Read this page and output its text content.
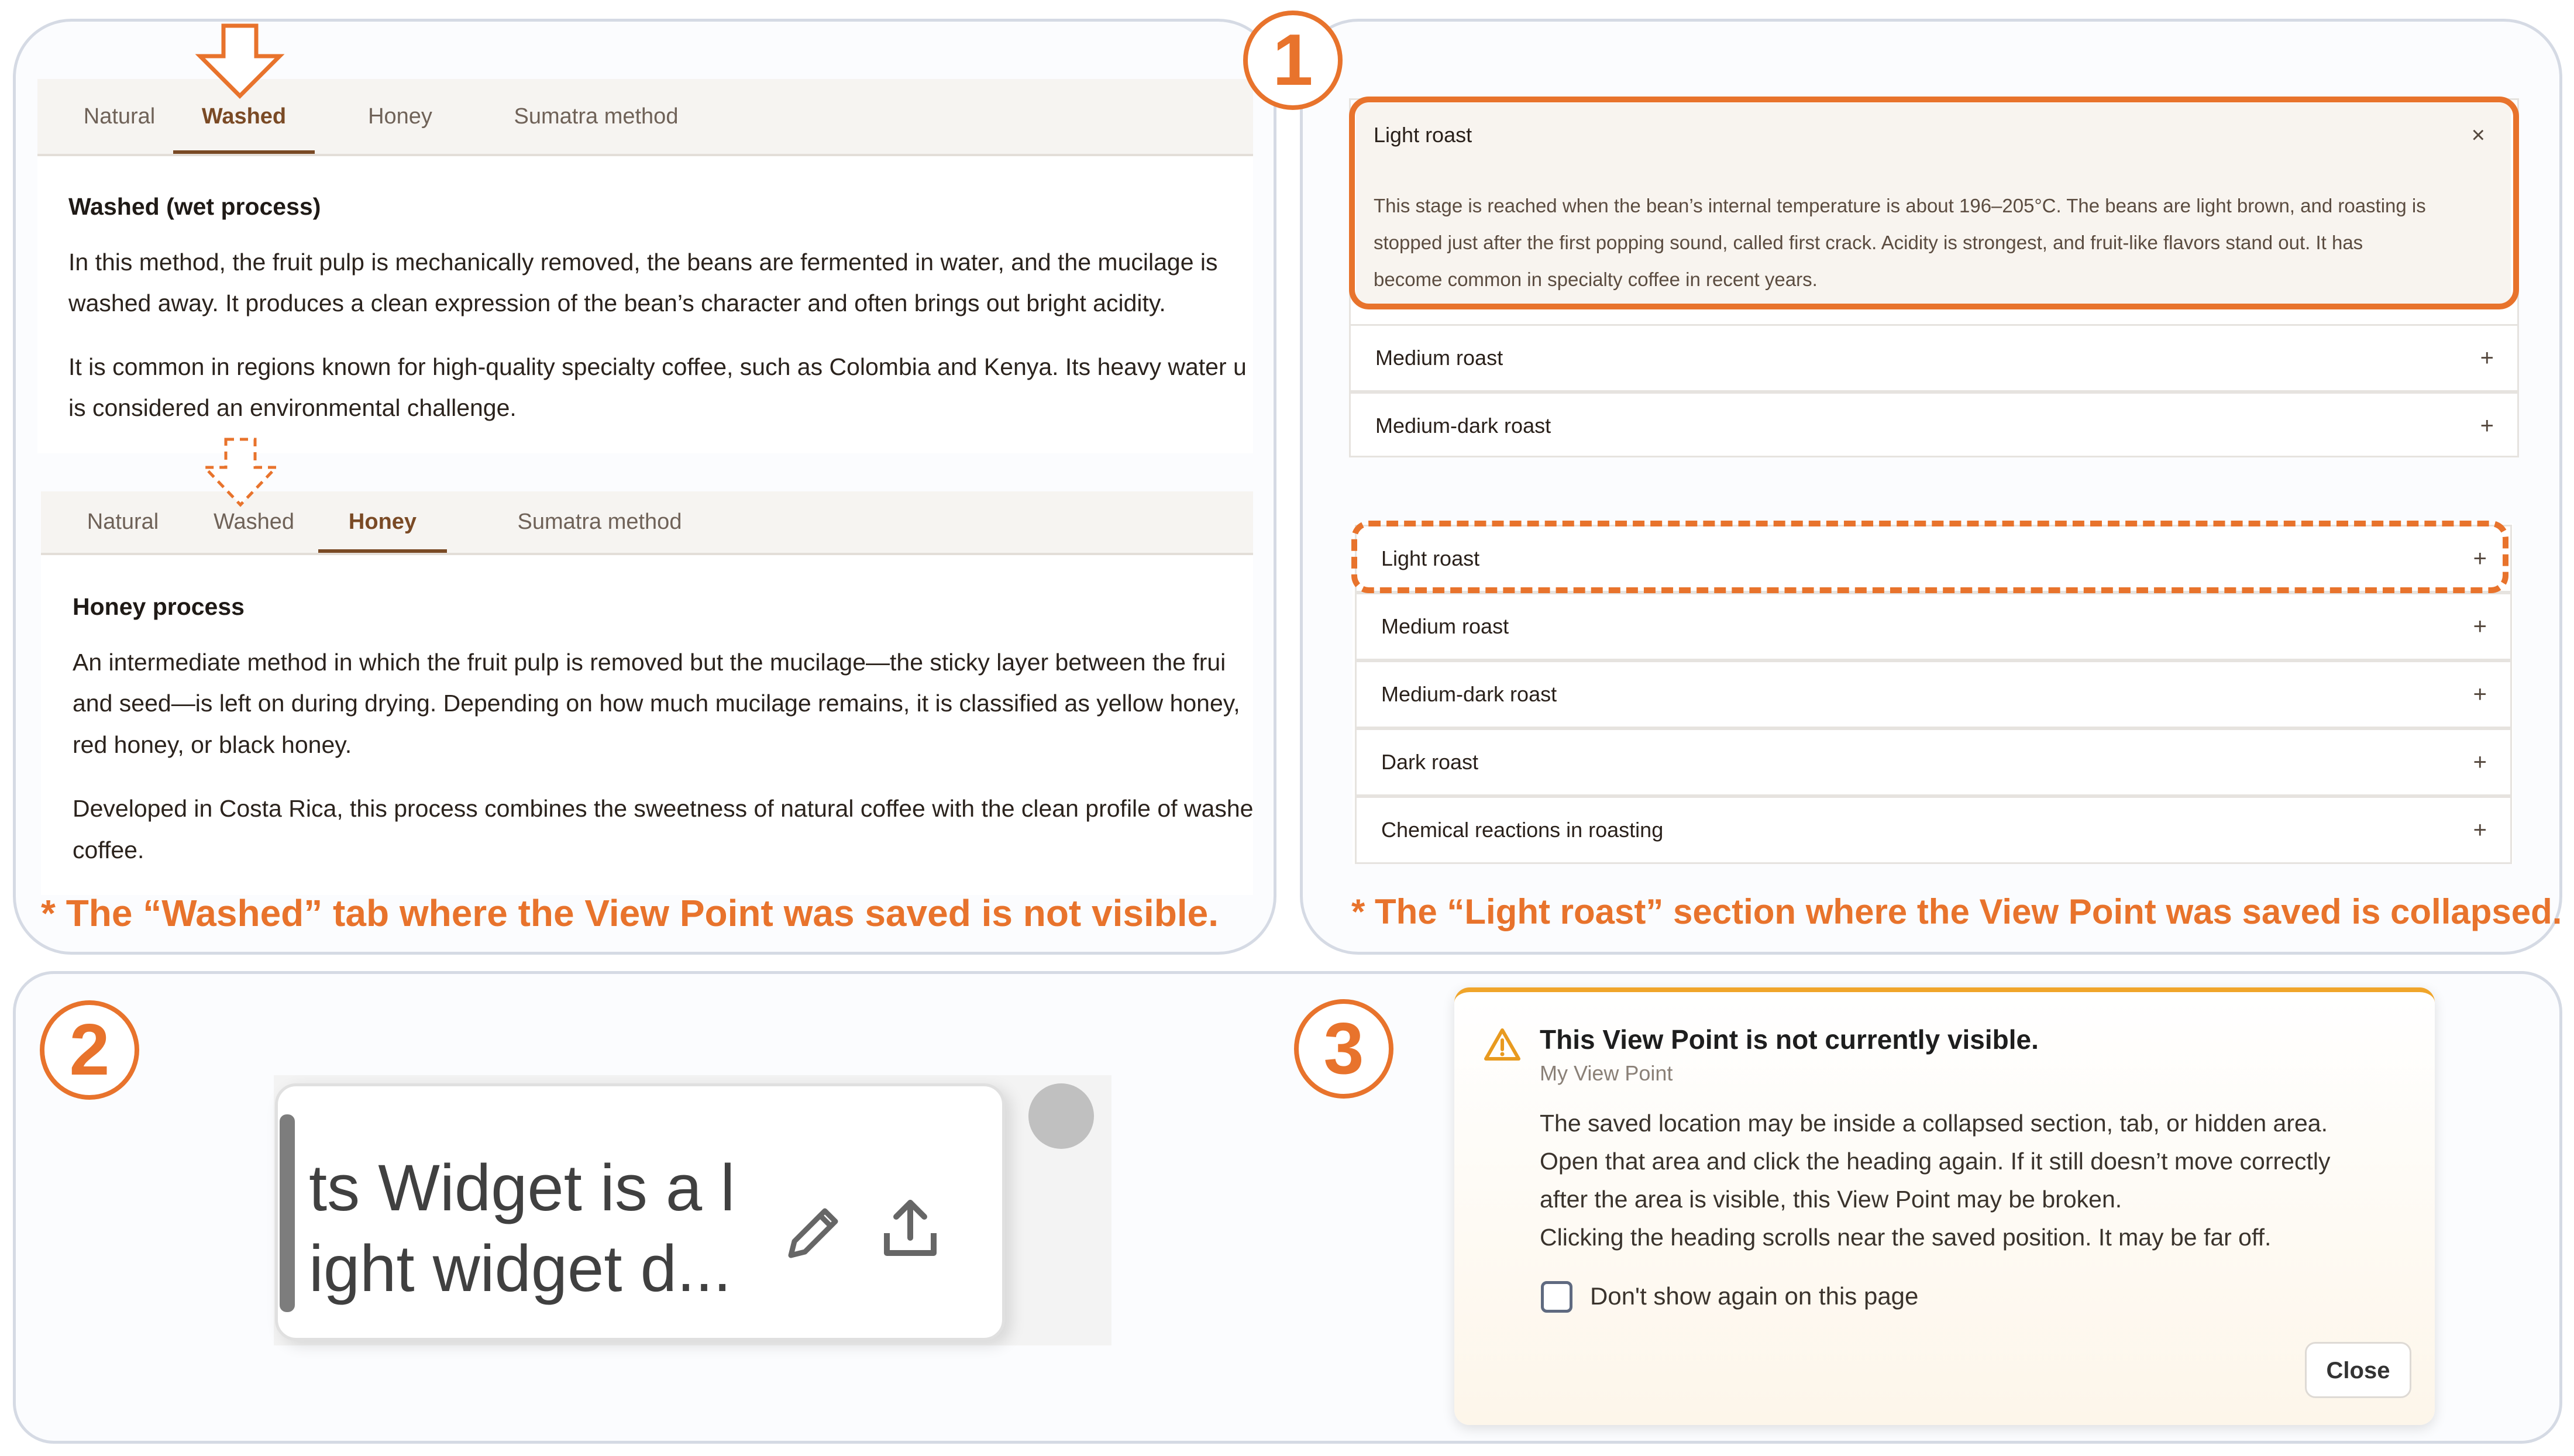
Natural	Washed	Honey	Sumatra method
Washed (wet process)
In this method, the fruit pulp is mechanically removed, the beans are fermented in water, and the mucilage is
washed away. It produces a clean expression of the bean’s character and often brings out bright acidity.
It is common in regions known for high-quality specialty coffee, such as Colombia and Kenya. Its heavy water u
is considered an environmental challenge.
Natural	Washed	Honey	Sumatra method
Honey process
An intermediate method in which the fruit pulp is removed but the mucilage—the sticky layer between the frui
and seed—is left on during drying. Depending on how much mucilage remains, it is classified as yellow honey,
red honey, or black honey.
Developed in Costa Rica, this process combines the sweetness of natural coffee with the clean profile of washe
coffee.
* The “Washed” tab where the View Point was saved is not visible.
1
Light roast	×
This stage is reached when the bean’s internal temperature is about 196–205°C. The beans are light brown, and roasting is
stopped just after the first popping sound, called first crack. Acidity is strongest, and fruit-like flavors stand out. It has
become common in specialty coffee in recent years.
Medium roast	+
Medium-dark roast	+
Light roast	+
Medium roast	+
Medium-dark roast	+
Dark roast	+
Chemical reactions in roasting	+
* The “Light roast” section where the View Point was saved is collapsed.
2
ts Widget is a l
ight widget d...
3	This View Point is not currently visible.
My View Point
The saved location may be inside a collapsed section, tab, or hidden area.
Open that area and click the heading again. If it still doesn’t move correctly
after the area is visible, this View Point may be broken.
Clicking the heading scrolls near the saved position. It may be far off.
Don't show again on this page
Close
